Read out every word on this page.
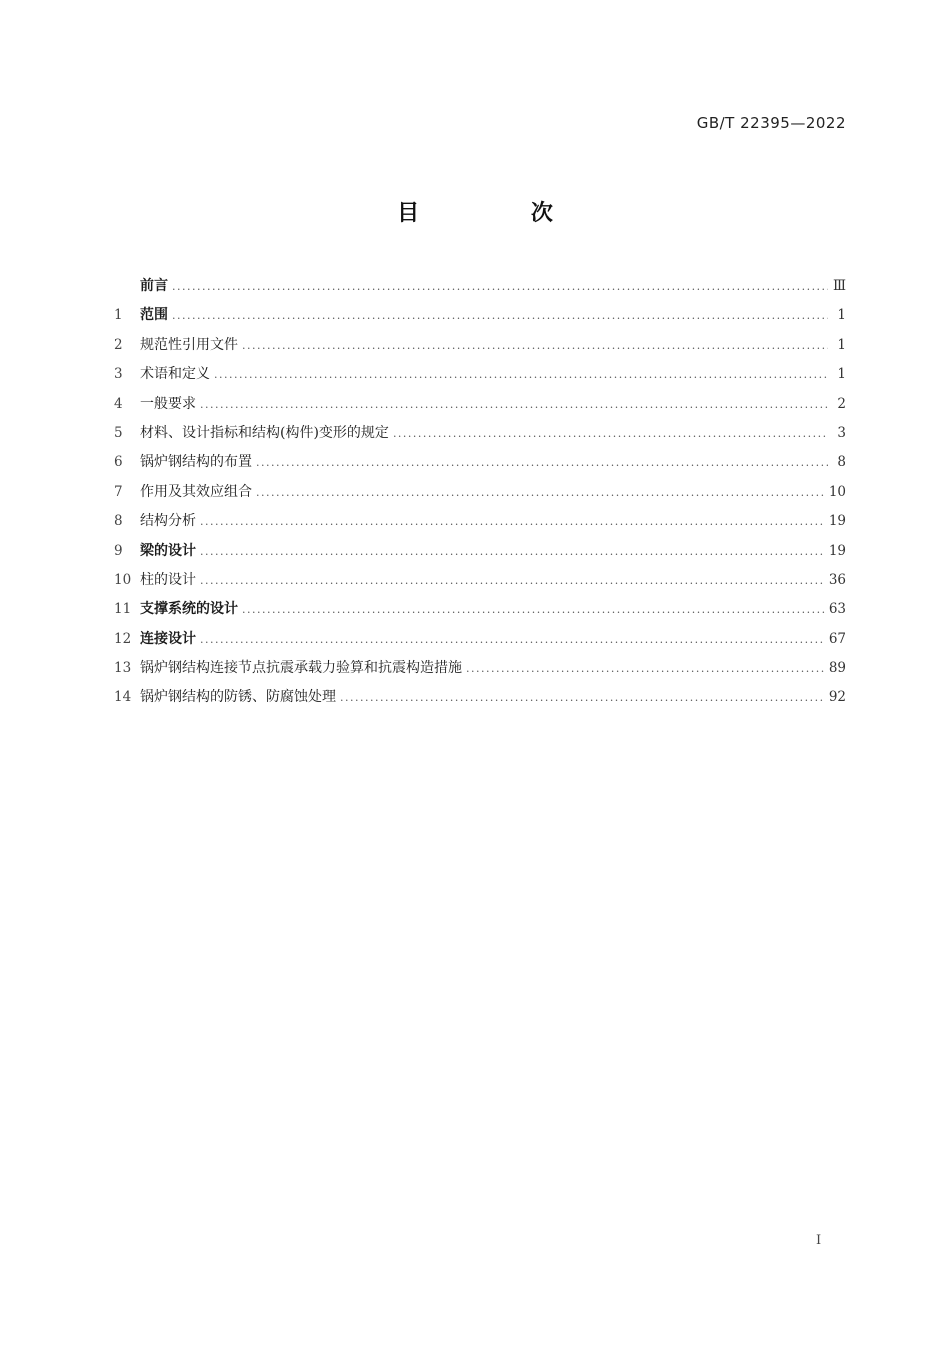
GB/T 22395—2022
目 次
前言 .....	Ⅲ
1	范围 .....	1
2	规范性引用文件 .....	1
3	术语和定义 .....	1
4	一般要求 .....	2
5	材料、设计指标和结构(构件)变形的规定 .....	3
6	锅炉钢结构的布置 .....	8
7	作用及其效应组合 .....	10
8	结构分析 .....	19
9	梁的设计 .....	19
10 柱的设计 .....	36
11 支撑系统的设计 .....	63
12 连接设计 .....	67
13 锅炉钢结构连接节点抗震承载力验算和抗震构造措施 .....	89
14 锅炉钢结构的防锈、防腐蚀处理 .....	92
Ⅰ
